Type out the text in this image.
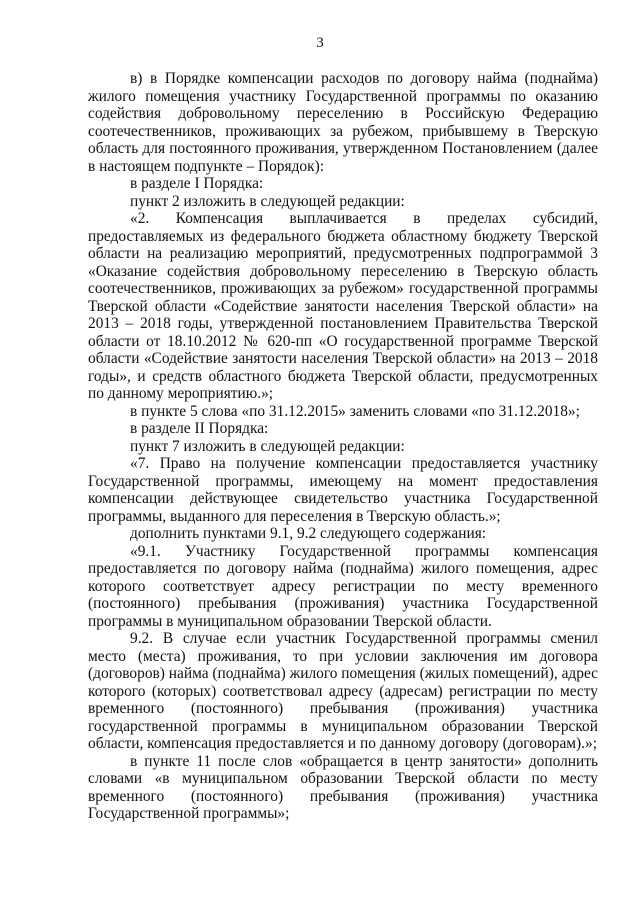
3

в) в Порядке компенсации расходов по договору найма (поднайма) жилого помещения участнику Государственной программы по оказанию содействия добровольному переселению в Российскую Федерацию соотечественников, проживающих за рубежом, прибывшему в Тверскую область для постоянного проживания, утвержденном Постановлением (далее в настоящем подпункте – Порядок):

в разделе I Порядка:

пункт 2 изложить в следующей редакции:

«2. Компенсация выплачивается в пределах субсидий, предоставляемых из федерального бюджета областному бюджету Тверской области на реализацию мероприятий, предусмотренных подпрограммой 3 «Оказание содействия добровольному переселению в Тверскую область соотечественников, проживающих за рубежом» государственной программы Тверской области «Содействие занятости населения Тверской области» на 2013 – 2018 годы, утвержденной постановлением Правительства Тверской области от 18.10.2012 № 620-пп «О государственной программе Тверской области «Содействие занятости населения Тверской области» на 2013 – 2018 годы», и средств областного бюджета Тверской области, предусмотренных по данному мероприятию.»;

в пункте 5 слова «по 31.12.2015» заменить словами «по 31.12.2018»;

в разделе II Порядка:

пункт 7 изложить в следующей редакции:

«7. Право на получение компенсации предоставляется участнику Государственной программы, имеющему на момент предоставления компенсации действующее свидетельство участника Государственной программы, выданного для переселения в Тверскую область.»;

дополнить пунктами 9.1, 9.2 следующего содержания:

«9.1. Участнику Государственной программы компенсация предоставляется по договору найма (поднайма) жилого помещения, адрес которого соответствует адресу регистрации по месту временного (постоянного) пребывания (проживания) участника Государственной программы в муниципальном образовании Тверской области.

9.2. В случае если участник Государственной программы сменил место (места) проживания, то при условии заключения им договора (договоров) найма (поднайма) жилого помещения (жилых помещений), адрес которого (которых) соответствовал адресу (адресам) регистрации по месту временного (постоянного) пребывания (проживания) участника государственной программы в муниципальном образовании Тверской области, компенсация предоставляется и по данному договору (договорам).»;

в пункте 11 после слов «обращается в центр занятости» дополнить словами «в муниципальном образовании Тверской области по месту временного (постоянного) пребывания (проживания) участника Государственной программы»;
